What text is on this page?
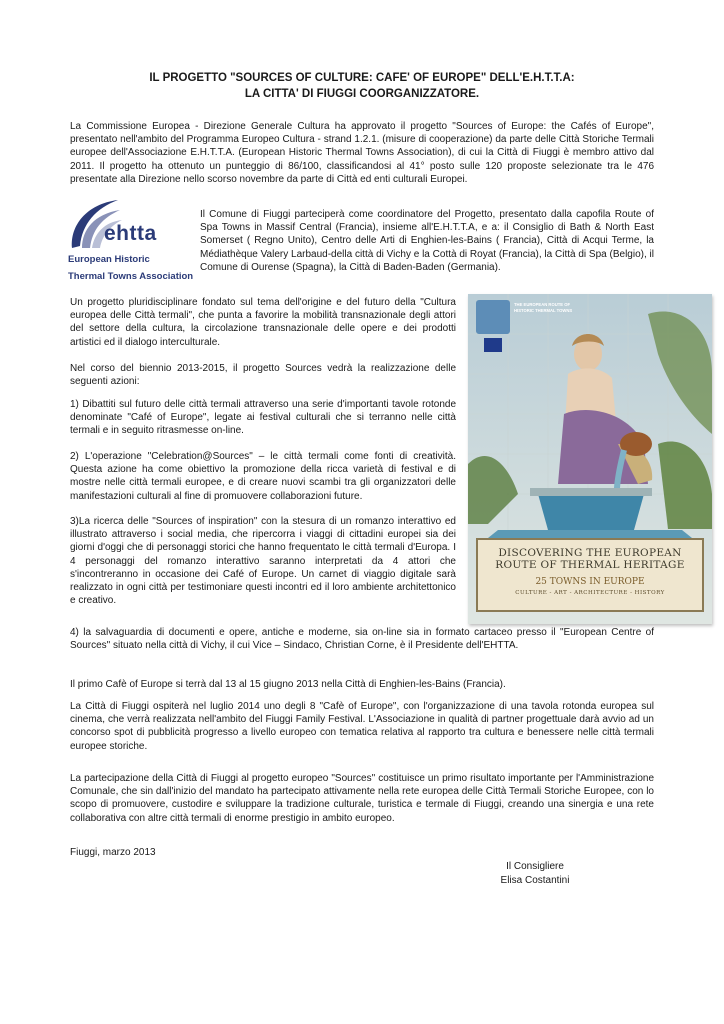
IL PROGETTO "SOURCES OF CULTURE: CAFE' OF EUROPE" DELL'E.H.T.T.A:
LA CITTA' DI FIUGGI COORGANIZZATORE.

La Commissione Europea - Direzione Generale Cultura ha approvato il progetto "Sources of Europe: the Cafés of Europe", presentato nell'ambito del Programma Europeo Cultura - strand 1.2.1. (misure di cooperazione) da parte delle Città Storiche Termali europee dell'Associazione E.H.T.T.A. (European Historic Thermal Towns Association), di cui la Città di Fiuggi è membro attivo dal 2011. Il progetto ha ottenuto un punteggio di 86/100, classificandosi al 41° posto sulle 120 proposte selezionate tra le 476 presentate alla Direzione nello scorso novembre da parte di Città ed enti culturali Europei.

ehtta
European Historic
Thermal Towns Association

Il Comune di Fiuggi parteciperà come coordinatore del Progetto, presentato dalla capofila Route of Spa Towns in Massif Central (Francia), insieme all'E.H.T.T.A, e a: il Consiglio di Bath & North East Somerset ( Regno Unito), Centro delle Arti di Enghien-les-Bains ( Francia), Città di Acqui Terme, la Médiathèque Valery Larbaud-della città di Vichy e la Cottà di Royat (Francia), la Città di Spa (Belgio), il Comune di Ourense (Spagna), la Città di Baden-Baden (Germania).

Un progetto pluridisciplinare fondato sul tema dell'origine e del futuro della "Cultura europea delle Città termali", che punta a favorire la mobilità transnazionale degli attori del settore della cultura, la circolazione transnazionale delle opere e dei prodotti artistici ed il dialogo interculturale.

Nel corso del biennio 2013-2015, il progetto Sources vedrà la realizzazione delle seguenti azioni:

1) Dibattiti sul futuro delle città termali attraverso una serie d'importanti tavole rotonde denominate "Café of Europe", legate ai festival culturali che si terranno nelle città termali e in seguito ritrasmesse on-line.

2) L'operazione "Celebration@Sources" – le città termali come fonti di creatività. Questa azione ha come obiettivo la promozione della ricca varietà di festival e di mostre nelle città termali europee, e di creare nuovi scambi tra gli organizzatori delle manifestazioni culturali al fine di promuovere collaborazioni future.

3)La ricerca delle "Sources of inspiration" con la stesura di un romanzo interattivo ed illustrato attraverso i social media, che ripercorra i viaggi di cittadini europei sia dei giorni d'oggi che di personaggi storici che hanno frequentato le città termali d'Europa. I 4 personaggi del romanzo interattivo saranno interpretati da 4 attori che s'incontreranno in occasione dei Café of Europe. Un carnet di viaggio digitale sarà realizzato in ogni città per testimoniare questi incontri ed il loro ambiente architettonico e creativo.

4) la salvaguardia di documenti e opere, antiche e moderne, sia on-line sia in formato cartaceo presso il "European Centre of Sources" situato nella città di Vichy, il cui Vice – Sindaco, Christian Corne, è il Presidente dell'EHTTA.

THE EUROPEAN ROUTE OF HISTORIC THERMAL TOWNS
DISCOVERING THE EUROPEAN
ROUTE OF THERMAL HERITAGE
25 TOWNS IN EUROPE
CULTURE - ART - ARCHITECTURE - HISTORY

Il primo Cafè of Europe si terrà dal 13 al 15 giugno 2013 nella Città di Enghien-les-Bains (Francia).

La Città di Fiuggi ospiterà nel luglio 2014 uno degli 8 "Cafè of Europe", con l'organizzazione di una tavola rotonda europea sul cinema, che verrà realizzata nell'ambito del Fiuggi Family Festival. L'Associazione in qualità di partner progettuale darà avvio ad un concorso spot di pubblicità progresso a livello europeo con tematica relativa al rapporto tra cultura e benessere nelle città termali europee storiche.

La partecipazione della Città di Fiuggi al progetto europeo "Sources" costituisce un primo risultato importante per l'Amministrazione Comunale, che sin dall'inizio del mandato ha partecipato attivamente nella rete europea delle Città Termali Storiche Europee, con lo scopo di promuovere, custodire e sviluppare la tradizione culturale, turistica e termale di Fiuggi, creando una sinergia e una rete collaborativa con altre città termali di enorme prestigio in ambito europeo.

Fiuggi, marzo 2013
Il Consigliere
Elisa Costantini
